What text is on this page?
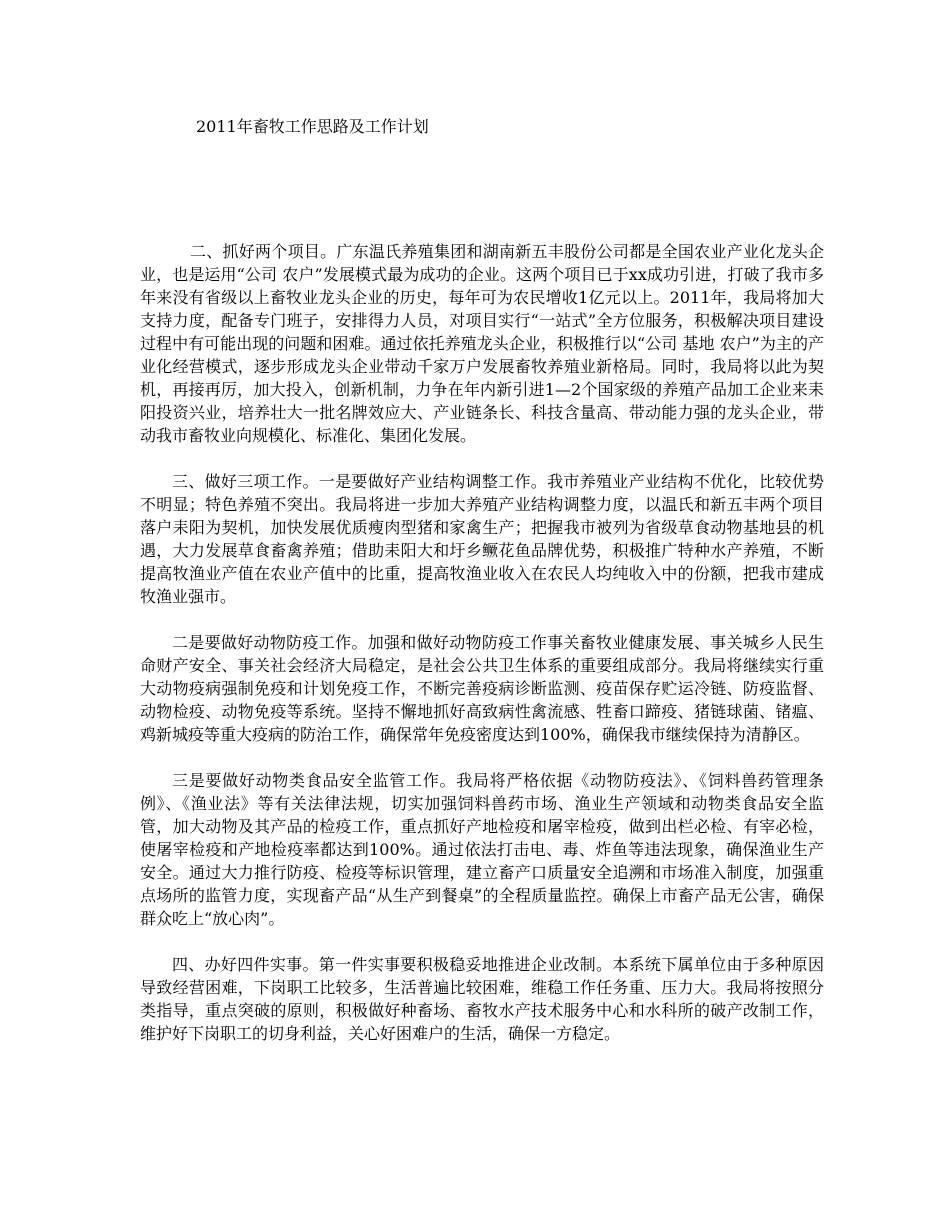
2011年畜牧工作思路及工作计划

二、抓好两个项目。广东温氏养殖集团和湖南新五丰股份公司都是全国农业产业化龙头企业，也是运用“公司 农户”发展模式最为成功的企业。这两个项目已于xx成功引进，打破了我市多年来没有省级以上畜牧业龙头企业的历史，每年可为农民增收1亿元以上。2011年，我局将加大支持力度，配备专门班子，安排得力人员，对项目实行“一站式”全方位服务，积极解决项目建设过程中有可能出现的问题和困难。通过依托养殖龙头企业，积极推行以“公司 基地 农户”为主的产业化经营模式，逐步形成龙头企业带动千家万户发展畜牧养殖业新格局。同时，我局将以此为契机，再接再厉，加大投入，创新机制，力争在年内新引进1—2个国家级的养殖产品加工企业来耒阳投资兴业，培养壮大一批名牌效应大、产业链条长、科技含量高、带动能力强的龙头企业，带动我市畜牧业向规模化、标准化、集团化发展。

三、做好三项工作。一是要做好产业结构调整工作。我市养殖业产业结构不优化，比较优势不明显；特色养殖不突出。我局将进一步加大养殖产业结构调整力度，以温氏和新五丰两个项目落户耒阳为契机，加快发展优质瘦肉型猪和家禽生产；把握我市被列为省级草食动物基地县的机遇，大力发展草食畜禽养殖；借助耒阳大和圩乡鳜花鱼品牌优势，积极推广特种水产养殖，不断提高牧渔业产值在农业产值中的比重，提高牧渔业收入在农民人均纯收入中的份额，把我市建成牧渔业强市。

二是要做好动物防疫工作。加强和做好动物防疫工作事关畜牧业健康发展、事关城乡人民生命财产安全、事关社会经济大局稳定，是社会公共卫生体系的重要组成部分。我局将继续实行重大动物疫病强制免疫和计划免疫工作，不断完善疫病诊断监测、疫苗保存贮运冷链、防疫监督、动物检疫、动物免疫等系统。坚持不懈地抓好高致病性禽流感、牲畜口蹄疫、猪链球菌、锗瘟、鸡新城疫等重大疫病的防治工作，确保常年免疫密度达到100%，确保我市继续保持为清静区。

三是要做好动物类食品安全监管工作。我局将严格依据《动物防疫法》、《饲料兽药管理条例》、《渔业法》等有关法律法规，切实加强饲料兽药市场、渔业生产领域和动物类食品安全监管，加大动物及其产品的检疫工作，重点抓好产地检疫和屠宰检疫，做到出栏必检、有宰必检，使屠宰检疫和产地检疫率都达到100%。通过依法打击电、毒、炸鱼等违法现象，确保渔业生产安全。通过大力推行防疫、检疫等标识管理，建立畜产口质量安全追溯和市场准入制度，加强重点场所的监管力度，实现畜产品“从生产到餐桌”的全程质量监控。确保上市畜产品无公害，确保群众吃上“放心肉”。

四、办好四件实事。第一件实事要积极稳妥地推进企业改制。本系统下属单位由于多种原因导致经营困难，下岗职工比较多，生活普遍比较困难，维稳工作任务重、压力大。我局将按照分类指导，重点突破的原则，积极做好种畜场、畜牧水产技术服务中心和水科所的破产改制工作，维护好下岗职工的切身利益，关心好困难户的生活，确保一方稳定。
